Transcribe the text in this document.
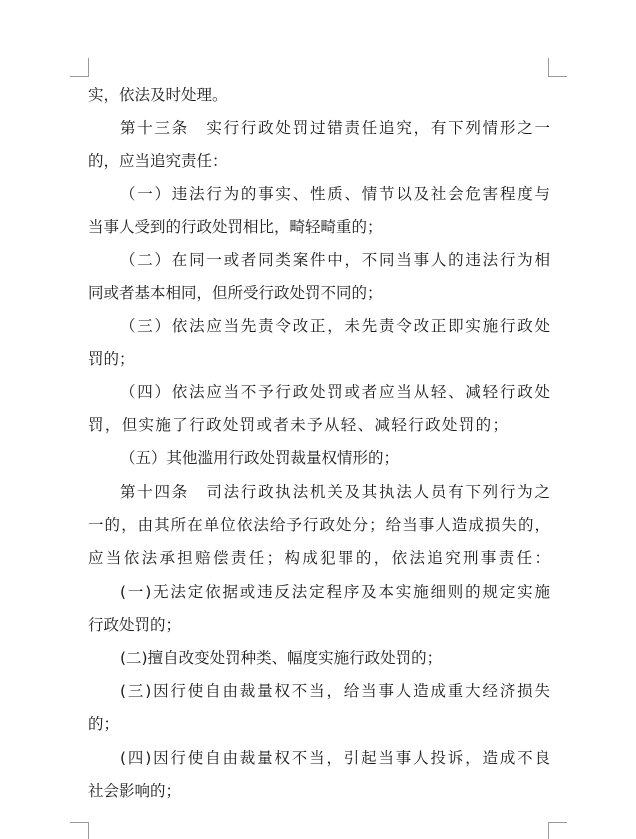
实，依法及时处理。
第十三条　实行行政处罚过错责任追究，有下列情形之一
的，应当追究责任：
（一）违法行为的事实、性质、情节以及社会危害程度与
当事人受到的行政处罚相比，畸轻畸重的；
（二）在同一或者同类案件中，不同当事人的违法行为相
同或者基本相同，但所受行政处罚不同的；
（三）依法应当先责令改正，未先责令改正即实施行政处
罚的；
（四）依法应当不予行政处罚或者应当从轻、减轻行政处
罚，但实施了行政处罚或者未予从轻、减轻行政处罚的；
（五）其他滥用行政处罚裁量权情形的；
第十四条　司法行政执法机关及其执法人员有下列行为之
一的，由其所在单位依法给予行政处分；给当事人造成损失的，
应当依法承担赔偿责任；构成犯罪的，依法追究刑事责任：
(一)无法定依据或违反法定程序及本实施细则的规定实施
行政处罚的；
(二)擅自改变处罚种类、幅度实施行政处罚的；
(三)因行使自由裁量权不当，给当事人造成重大经济损失
的；
(四)因行使自由裁量权不当，引起当事人投诉，造成不良
社会影响的；
